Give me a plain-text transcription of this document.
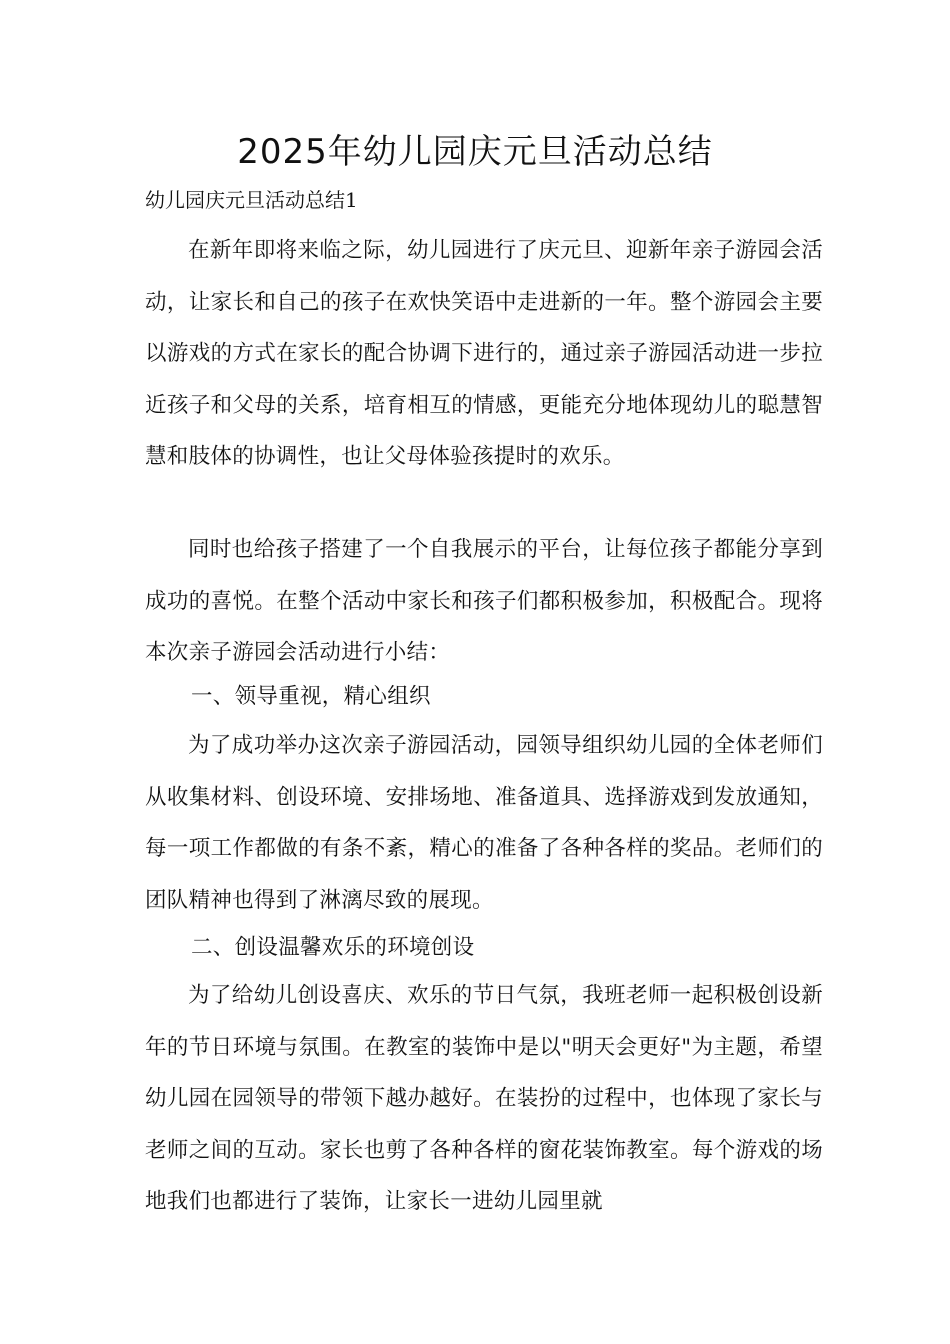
2025年幼儿园庆元旦活动总结

幼儿园庆元旦活动总结1

在新年即将来临之际，幼儿园进行了庆元旦、迎新年亲子游园会活动，让家长和自己的孩子在欢快笑语中走进新的一年。整个游园会主要以游戏的方式在家长的配合协调下进行的，通过亲子游园活动进一步拉近孩子和父母的关系，培育相互的情感，更能充分地体现幼儿的聪慧智慧和肢体的协调性，也让父母体验孩提时的欢乐。

同时也给孩子搭建了一个自我展示的平台，让每位孩子都能分享到成功的喜悦。在整个活动中家长和孩子们都积极参加，积极配合。现将本次亲子游园会活动进行小结：

一、领导重视，精心组织

为了成功举办这次亲子游园活动，园领导组织幼儿园的全体老师们从收集材料、创设环境、安排场地、准备道具、选择游戏到发放通知，每一项工作都做的有条不紊，精心的准备了各种各样的奖品。老师们的团队精神也得到了淋漓尽致的展现。

二、创设温馨欢乐的环境创设

为了给幼儿创设喜庆、欢乐的节日气氛，我班老师一起积极创设新年的节日环境与氛围。在教室的装饰中是以"明天会更好"为主题，希望幼儿园在园领导的带领下越办越好。在装扮的过程中，也体现了家长与老师之间的互动。家长也剪了各种各样的窗花装饰教室。每个游戏的场地我们也都进行了装饰，让家长一进幼儿园里就
